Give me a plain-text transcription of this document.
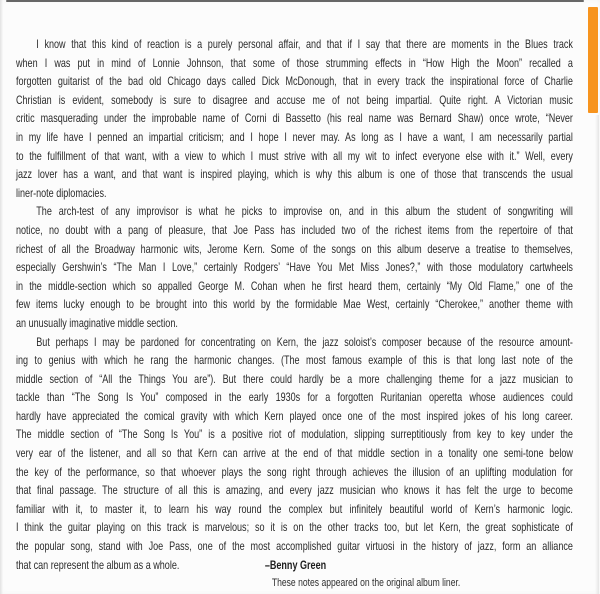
I know that this kind of reaction is a purely personal affair, and that if I say that there are moments in the Blues track
when I was put in mind of Lonnie Johnson, that some of those strumming effects in “How High the Moon” recalled a
forgotten guitarist of the bad old Chicago days called Dick McDonough, that in every track the inspirational force of Charlie
Christian is evident, somebody is sure to disagree and accuse me of not being impartial. Quite right. A Victorian music
critic masquerading under the improbable name of Corni di Bassetto (his real name was Bernard Shaw) once wrote, “Never
in my life have I penned an impartial criticism; and I hope I never may. As long as I have a want, I am necessarily partial
to the fulfillment of that want, with a view to which I must strive with all my wit to infect everyone else with it.” Well, every
jazz lover has a want, and that want is inspired playing, which is why this album is one of those that transcends the usual
liner-note diplomacies.
The arch-test of any improvisor is what he picks to improvise on, and in this album the student of songwriting will
notice, no doubt with a pang of pleasure, that Joe Pass has included two of the richest items from the repertoire of that
richest of all the Broadway harmonic wits, Jerome Kern. Some of the songs on this album deserve a treatise to themselves,
especially Gershwin’s “The Man I Love,” certainly Rodgers’ “Have You Met Miss Jones?,” with those modulatory cartwheels
in the middle-section which so appalled George M. Cohan when he first heard them, certainly “My Old Flame,” one of the
few items lucky enough to be brought into this world by the formidable Mae West, certainly “Cherokee,” another theme with
an unusually imaginative middle section.
But perhaps I may be pardoned for concentrating on Kern, the jazz soloist’s composer because of the resource amount-
ing to genius with which he rang the harmonic changes. (The most famous example of this is that long last note of the
middle section of “All the Things You are”). But there could hardly be a more challenging theme for a jazz musician to
tackle than “The Song Is You” composed in the early 1930s for a forgotten Ruritanian operetta whose audiences could
hardly have appreciated the comical gravity with which Kern played once one of the most inspired jokes of his long career.
The middle section of “The Song Is You” is a positive riot of modulation, slipping surreptitiously from key to key under the
very ear of the listener, and all so that Kern can arrive at the end of that middle section in a tonality one semi-tone below
the key of the performance, so that whoever plays the song right through achieves the illusion of an uplifting modulation for
that final passage. The structure of all this is amazing, and every jazz musician who knows it has felt the urge to become
familiar with it, to master it, to learn his way round the complex but infinitely beautiful world of Kern’s harmonic logic.
I think the guitar playing on this track is marvelous; so it is on the other tracks too, but let Kern, the great sophisticate of
the popular song, stand with Joe Pass, one of the most accomplished guitar virtuosi in the history of jazz, form an alliance
that can represent the album as a whole.	–Benny Green
These notes appeared on the original album liner.
